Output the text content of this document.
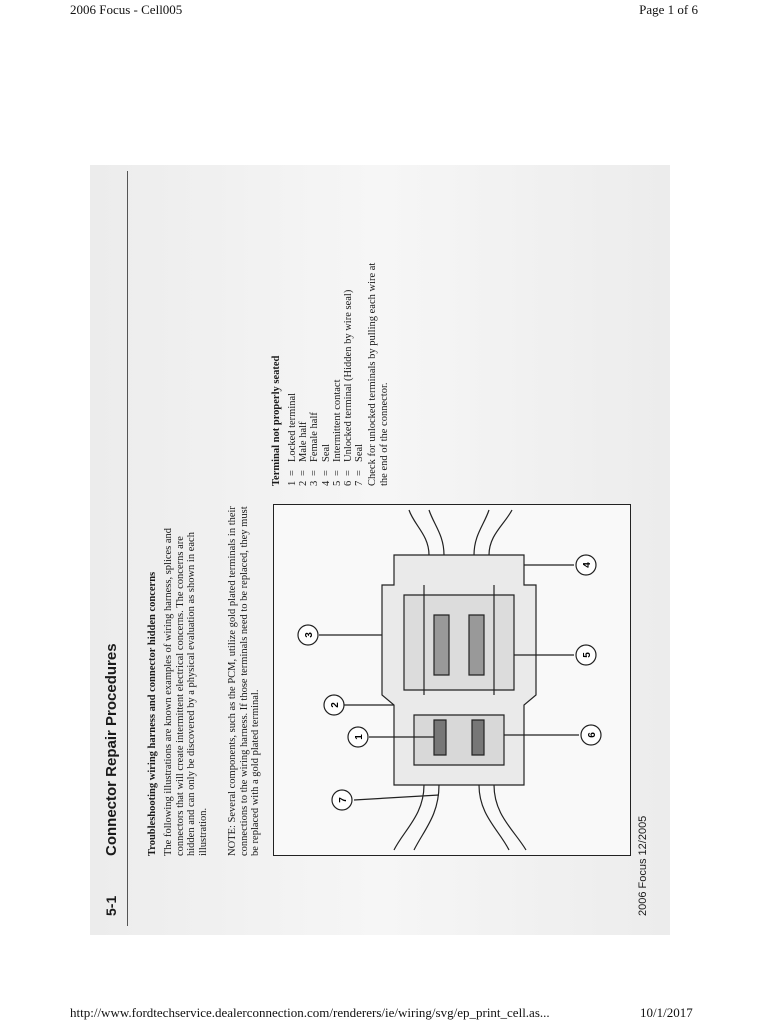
2006 Focus - Cell005	Page 1 of 6
5-1
Connector Repair Procedures	Troubleshooting wiring harness and connector hidden concerns The following illustrations are known examples of wiring harness, splices and connectors that will create intermittent electrical concerns. The concerns are hidden and can only be discovered by a physical evaluation as shown in each illustration. NOTE: Several components, such as the PCM, utilize gold plated terminals in their connections to the wiring harness. If those terminals need to be replaced, they must be replaced with a gold plated terminal.	1
2
3
4
5
6
7
Terminal not properly seated 1=Locked terminal
2=Male half
3=Female half
4=Seal
5=Intermittent contact
6=Unlocked terminal (Hidden by wire seal)
7=Seal Check for unlocked terminals by pulling each wire at the end of the connector.
2006 Focus 12/2005
http://www.fordtechservice.dealerconnection.com/renderers/ie/wiring/svg/ep_print_cell.as...	10/1/2017
